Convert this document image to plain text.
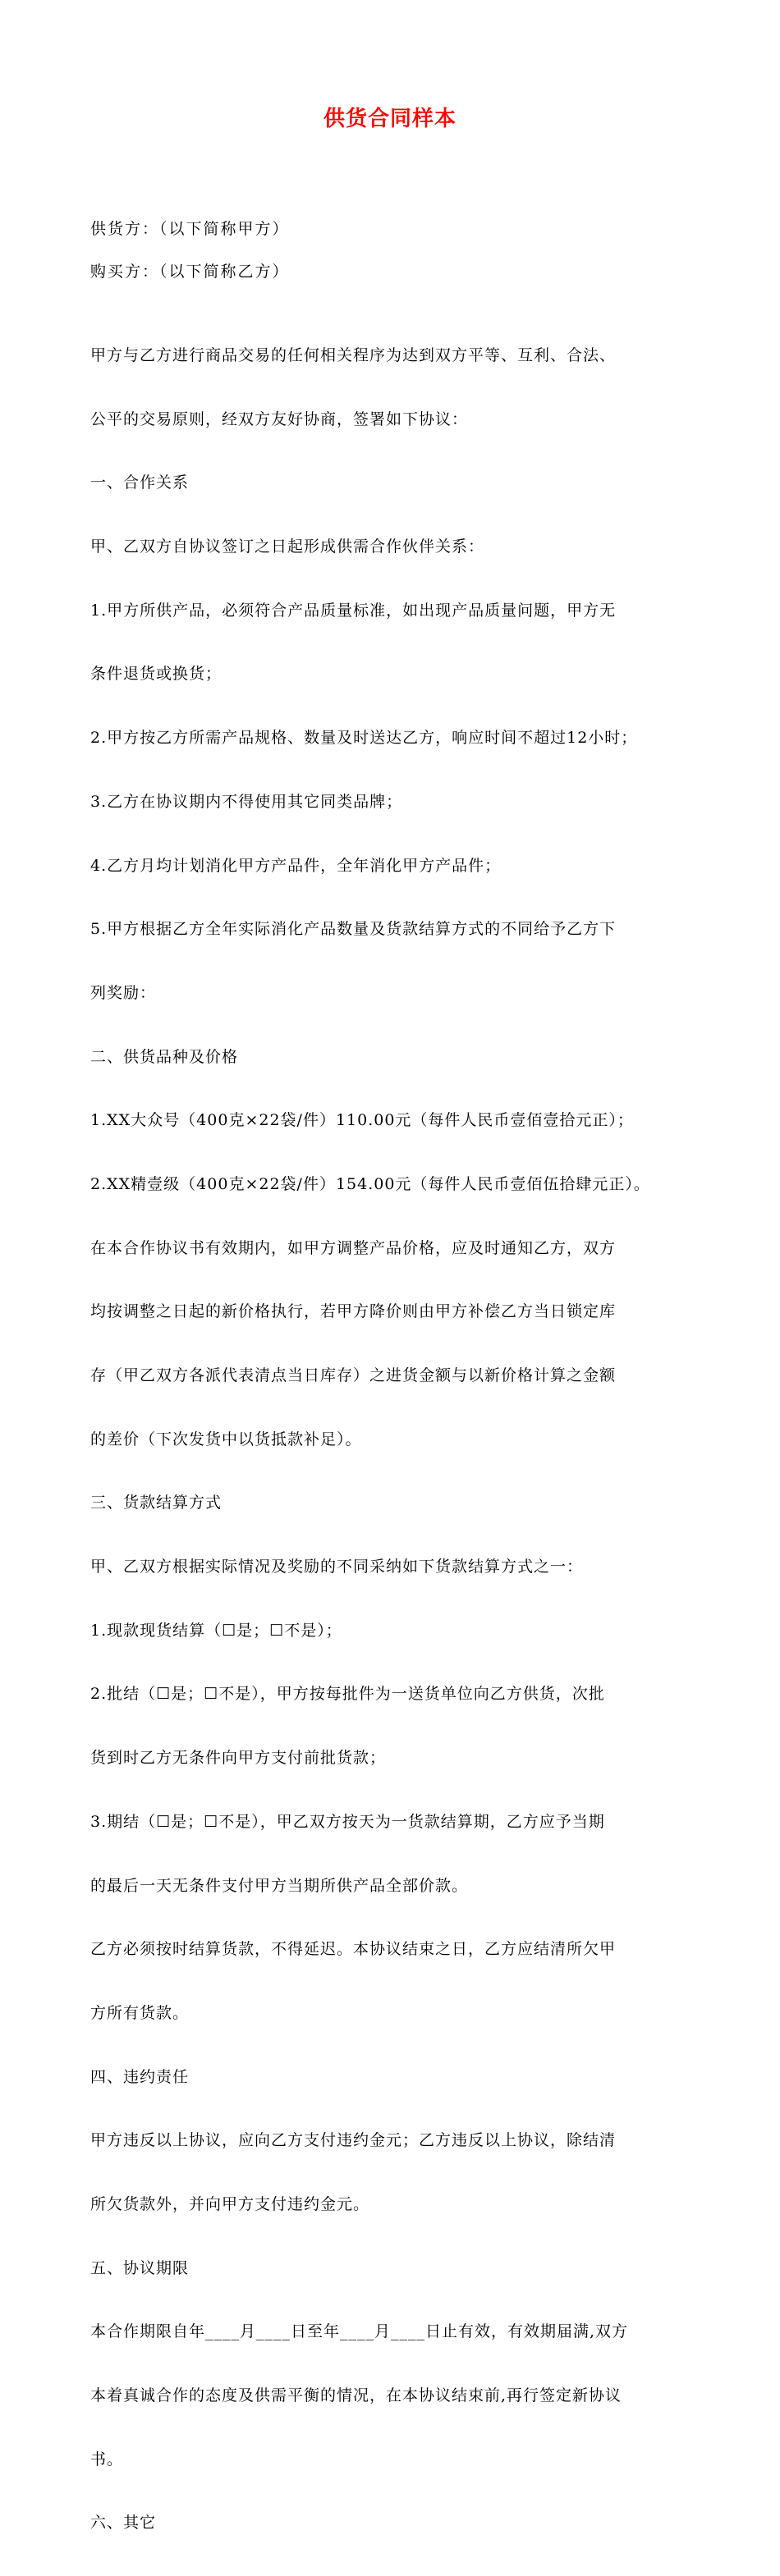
供货合同样本
供货方：（以下简称甲方）
购买方：（以下简称乙方）

甲方与乙方进行商品交易的任何相关程序为达到双方平等、互利、合法、

公平的交易原则，经双方友好协商，签署如下协议：

一、合作关系

甲、乙双方自协议签订之日起形成供需合作伙伴关系：

1.甲方所供产品，必须符合产品质量标准，如出现产品质量问题，甲方无

条件退货或换货；

2.甲方按乙方所需产品规格、数量及时送达乙方，响应时间不超过12小时；

3.乙方在协议期内不得使用其它同类品牌；

4.乙方月均计划消化甲方产品件，全年消化甲方产品件；

5.甲方根据乙方全年实际消化产品数量及货款结算方式的不同给予乙方下

列奖励：

二、供货品种及价格

1.XX大众号（400克×22袋/件）110.00元（每件人民币壹佰壹拾元正）；

2.XX精壹级（400克×22袋/件）154.00元（每件人民币壹佰伍拾肆元正）。

在本合作协议书有效期内，如甲方调整产品价格，应及时通知乙方，双方

均按调整之日起的新价格执行，若甲方降价则由甲方补偿乙方当日锁定库

存（甲乙双方各派代表清点当日库存）之进货金额与以新价格计算之金额

的差价（下次发货中以货抵款补足）。

三、货款结算方式

甲、乙双方根据实际情况及奖励的不同采纳如下货款结算方式之一：

1.现款现货结算（☐是；☐不是）；

2.批结（☐是；☐不是），甲方按每批件为一送货单位向乙方供货，次批

货到时乙方无条件向甲方支付前批货款；

3.期结（☐是；☐不是），甲乙双方按天为一货款结算期，乙方应予当期

的最后一天无条件支付甲方当期所供产品全部价款。

乙方必须按时结算货款，不得延迟。本协议结束之日，乙方应结清所欠甲

方所有货款。

四、违约责任

甲方违反以上协议，应向乙方支付违约金元；乙方违反以上协议，除结清

所欠货款外，并向甲方支付违约金元。

五、协议期限

本合作期限自年____月____日至年____月____日止有效，有效期届满,双方

本着真诚合作的态度及供需平衡的情况，在本协议结束前,再行签定新协议

书。

六、其它
